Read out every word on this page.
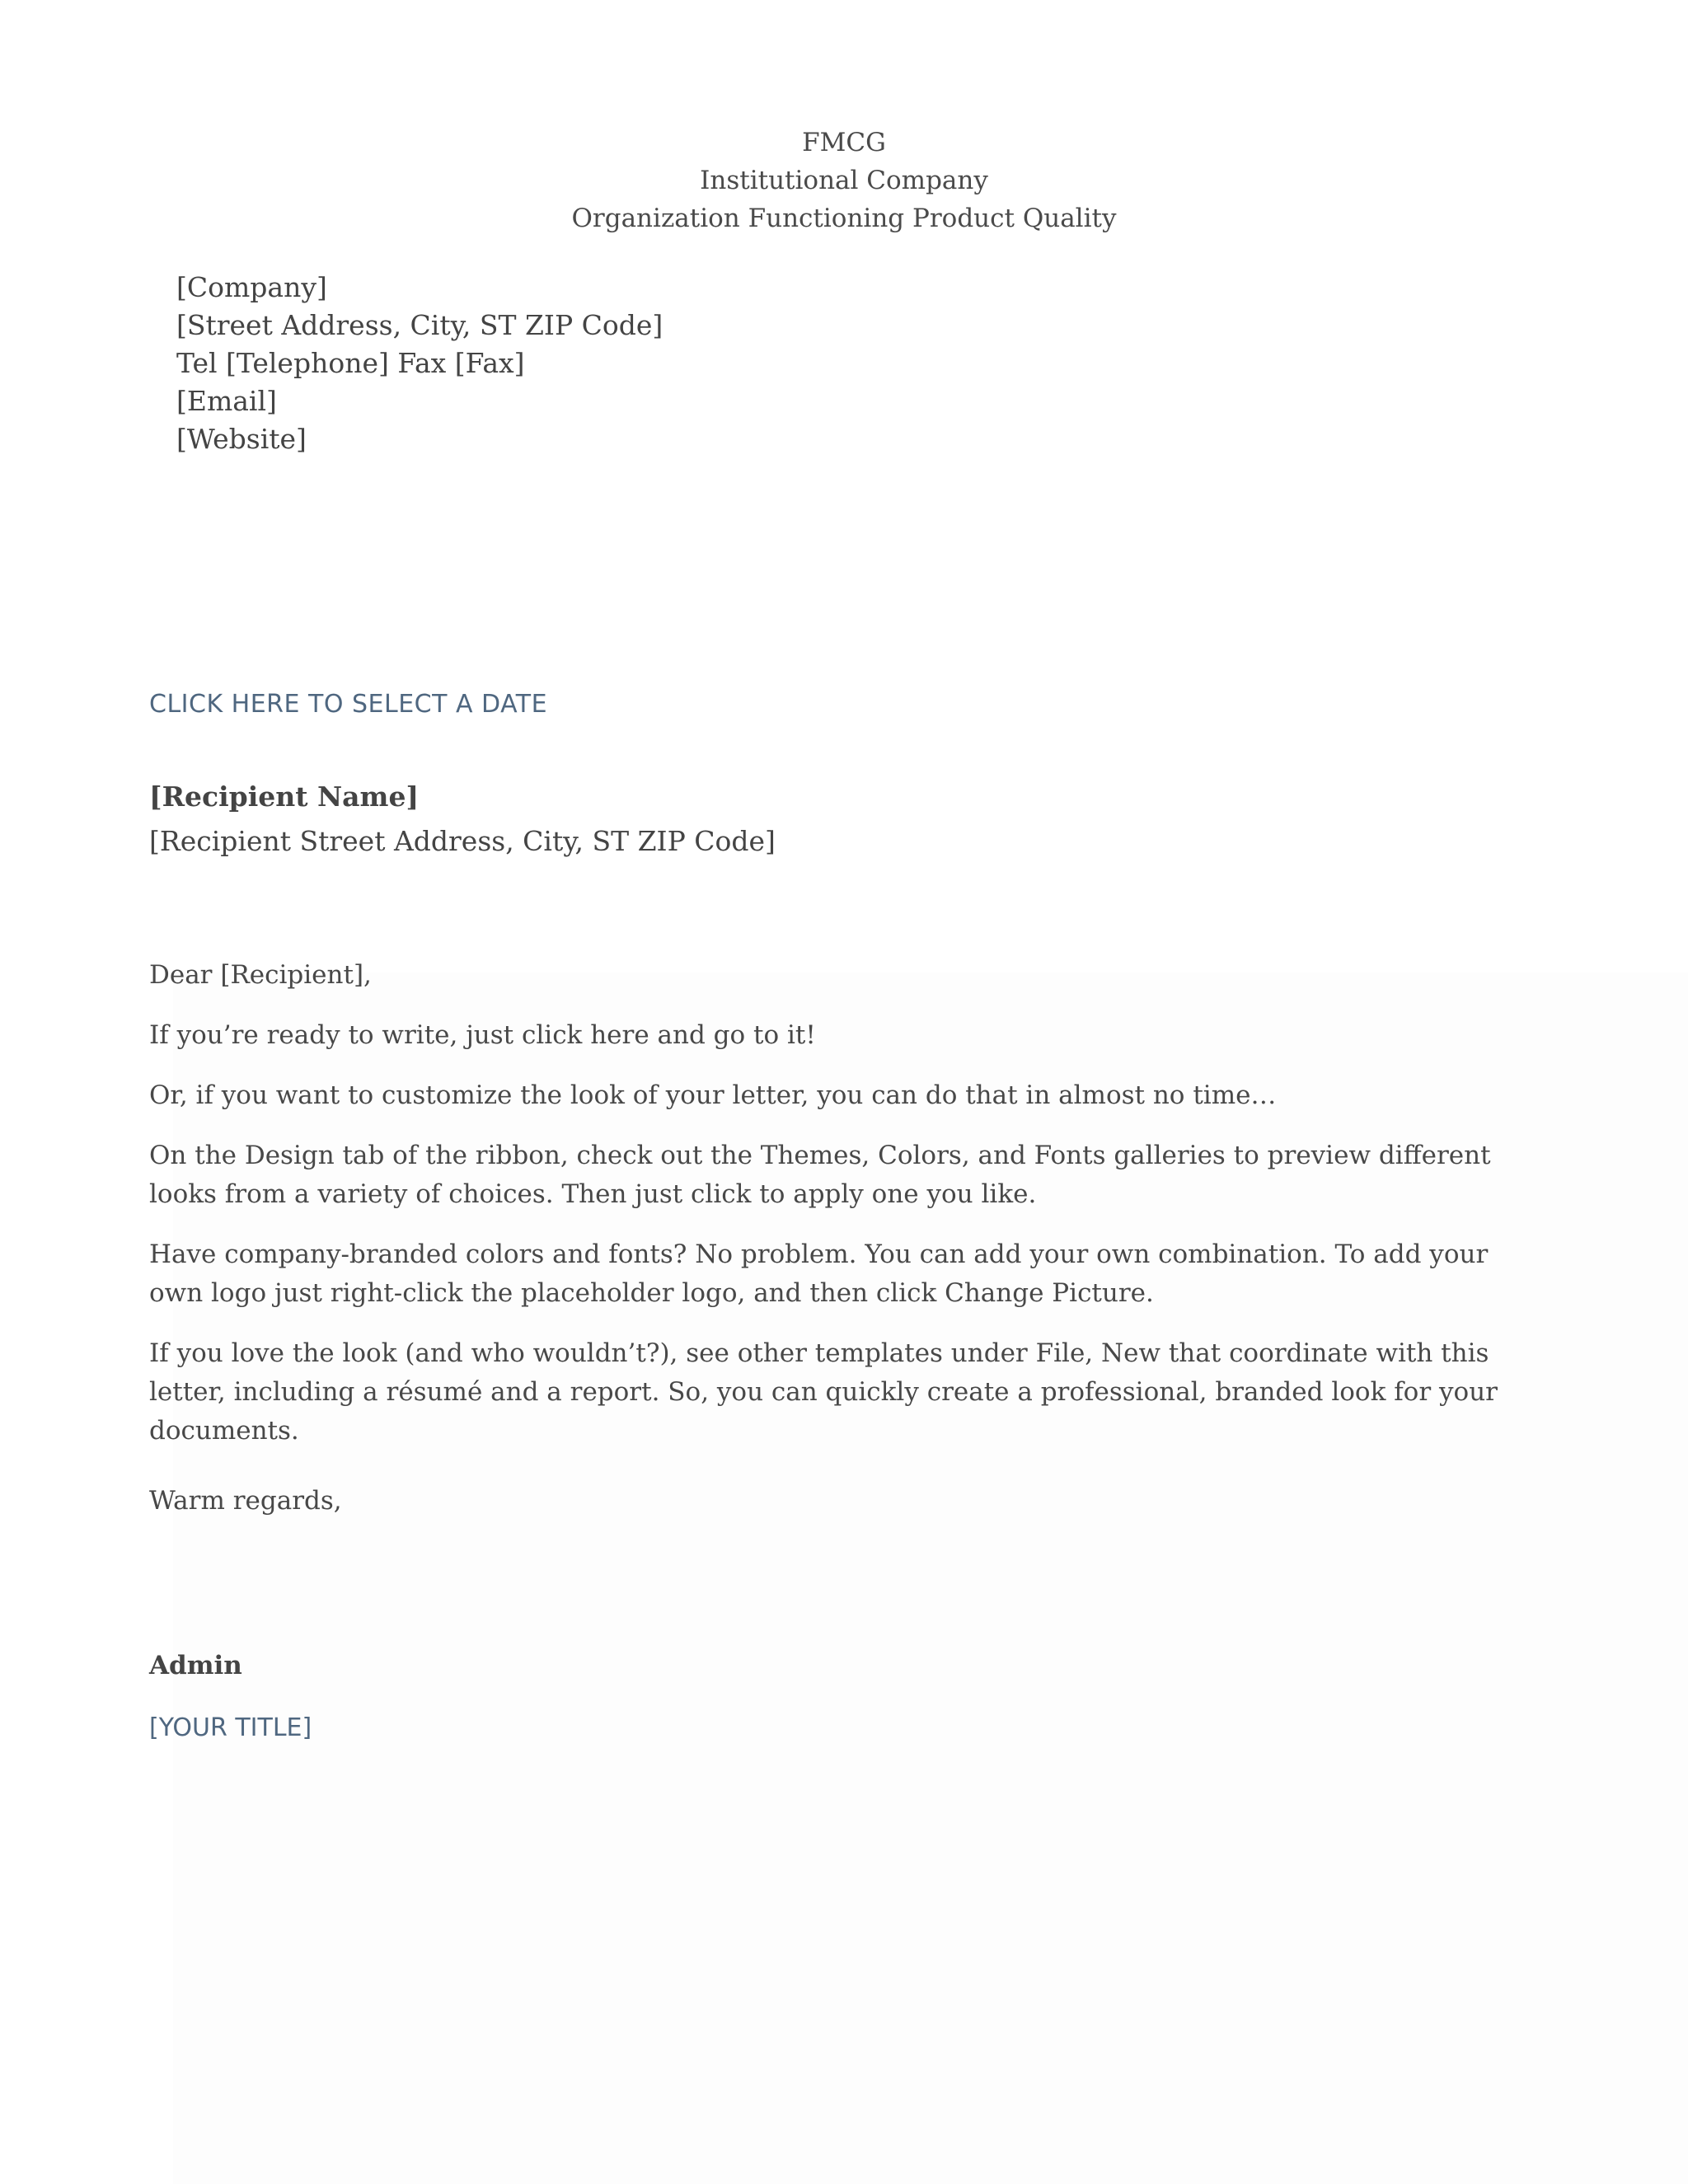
FMCG
Institutional Company
Organization Functioning Product Quality
[Company]
[Street Address, City, ST ZIP Code]
Tel [Telephone] Fax [Fax]
[Email]
[Website]
CLICK HERE TO SELECT A DATE
[Recipient Name]
[Recipient Street Address, City, ST ZIP Code]

Dear [Recipient],

If you’re ready to write, just click here and go to it!

Or, if you want to customize the look of your letter, you can do that in almost no time…

On the Design tab of the ribbon, check out the Themes, Colors, and Fonts galleries to preview different looks from a variety of choices. Then just click to apply one you like.

Have company-branded colors and fonts? No problem. You can add your own combination. To add your own logo just right-click the placeholder logo, and then click Change Picture.

If you love the look (and who wouldn’t?), see other templates under File, New that coordinate with this letter, including a résumé and a report. So, you can quickly create a professional, branded look for your documents.

Warm regards,
Admin
[YOUR TITLE]
